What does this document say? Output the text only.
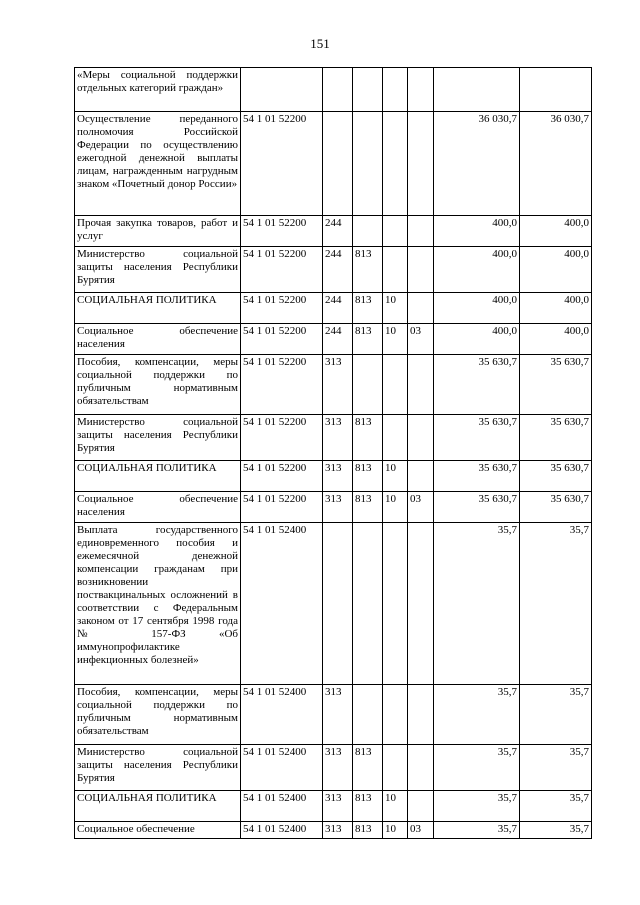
151
«Меры социальной поддержки отдельных категорий граждан»							
Осуществление переданного полномочия Российской Федерации по осуществлению ежегодной денежной выплаты лицам, награжденным нагрудным знаком «Почетный донор России»	54 1 01 52200					36 030,7	36 030,7
Прочая закупка товаров, работ и услуг	54 1 01 52200	244				400,0	400,0
Министерство социальной защиты населения Республики Бурятия	54 1 01 52200	244	813			400,0	400,0
СОЦИАЛЬНАЯ ПОЛИТИКА	54 1 01 52200	244	813	10		400,0	400,0
Социальное обеспечение населения	54 1 01 52200	244	813	10	03	400,0	400,0
Пособия, компенсации, меры социальной поддержки по публичным нормативным обязательствам	54 1 01 52200	313				35 630,7	35 630,7
Министерство социальной защиты населения Республики Бурятия	54 1 01 52200	313	813			35 630,7	35 630,7
СОЦИАЛЬНАЯ ПОЛИТИКА	54 1 01 52200	313	813	10		35 630,7	35 630,7
Социальное обеспечение населения	54 1 01 52200	313	813	10	03	35 630,7	35 630,7
Выплата государственного единовременного пособия и ежемесячной денежной компенсации гражданам при возникновении поствакцинальных осложнений в соответствии с Федеральным законом от 17 сентября 1998 года № 157-ФЗ «Об иммунопрофилактике инфекционных болезней»	54 1 01 52400					35,7	35,7
Пособия, компенсации, меры социальной поддержки по публичным нормативным обязательствам	54 1 01 52400	313				35,7	35,7
Министерство социальной защиты населения Республики Бурятия	54 1 01 52400	313	813			35,7	35,7
СОЦИАЛЬНАЯ ПОЛИТИКА	54 1 01 52400	313	813	10		35,7	35,7
Социальное обеспечение	54 1 01 52400	313	813	10	03	35,7	35,7
